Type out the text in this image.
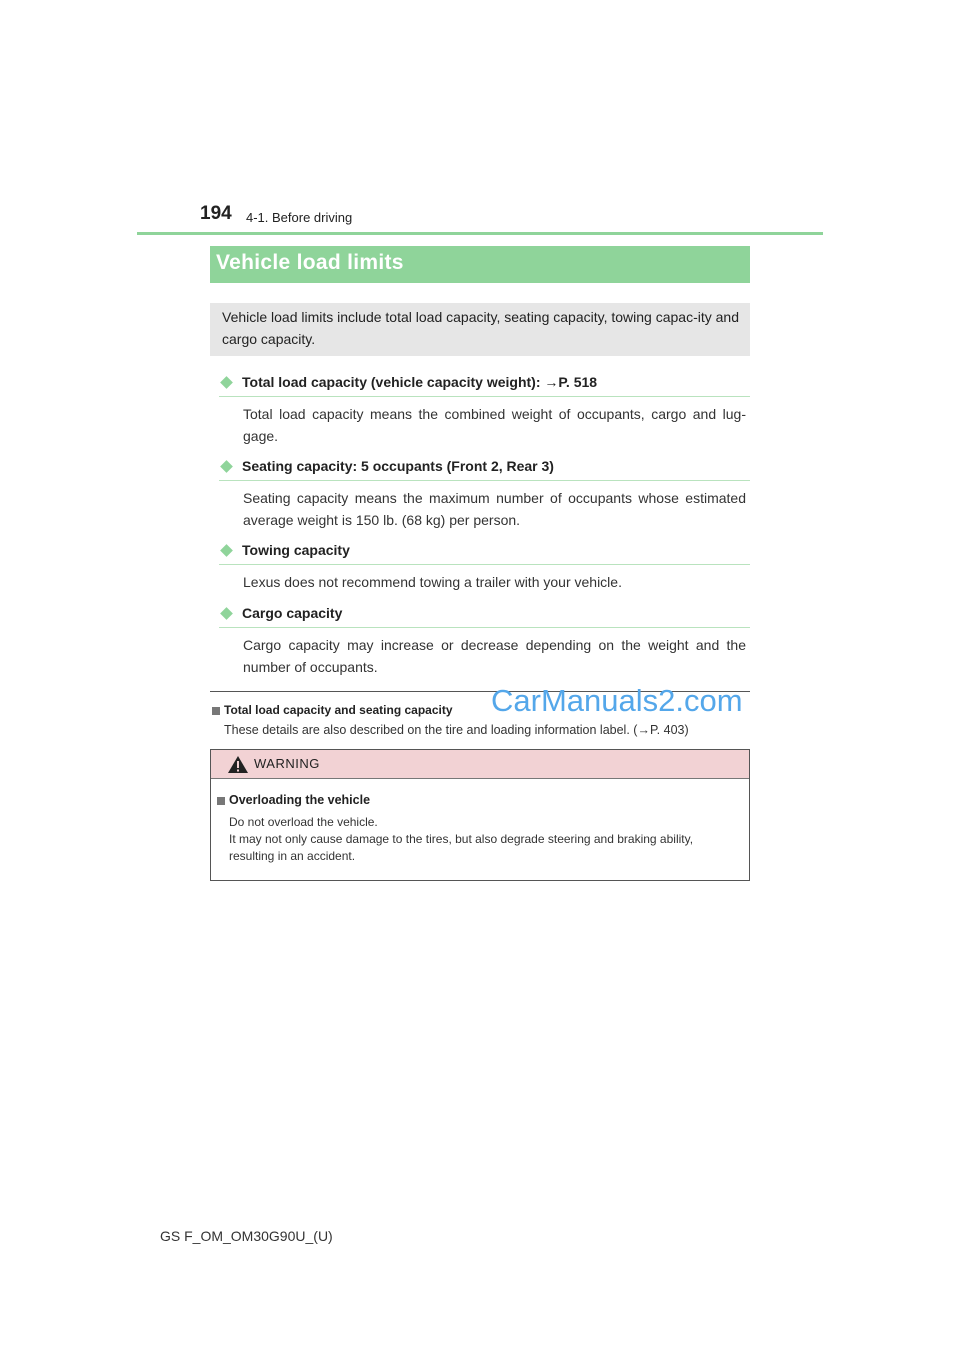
194 4-1. Before driving
Vehicle load limits
Vehicle load limits include total load capacity, seating capacity, towing capac-ity and cargo capacity.
Total load capacity (vehicle capacity weight): →P. 518
Total load capacity means the combined weight of occupants, cargo and lug-gage.
Seating capacity: 5 occupants (Front 2, Rear 3)
Seating capacity means the maximum number of occupants whose estimated average weight is 150 lb. (68 kg) per person.
Towing capacity
Lexus does not recommend towing a trailer with your vehicle.
Cargo capacity
Cargo capacity may increase or decrease depending on the weight and the number of occupants.
Total load capacity and seating capacity
These details are also described on the tire and loading information label. (→P. 403)
CarManuals2.com
WARNING
Overloading the vehicle
Do not overload the vehicle.
It may not only cause damage to the tires, but also degrade steering and braking ability, resulting in an accident.
GS F_OM_OM30G90U_(U)
